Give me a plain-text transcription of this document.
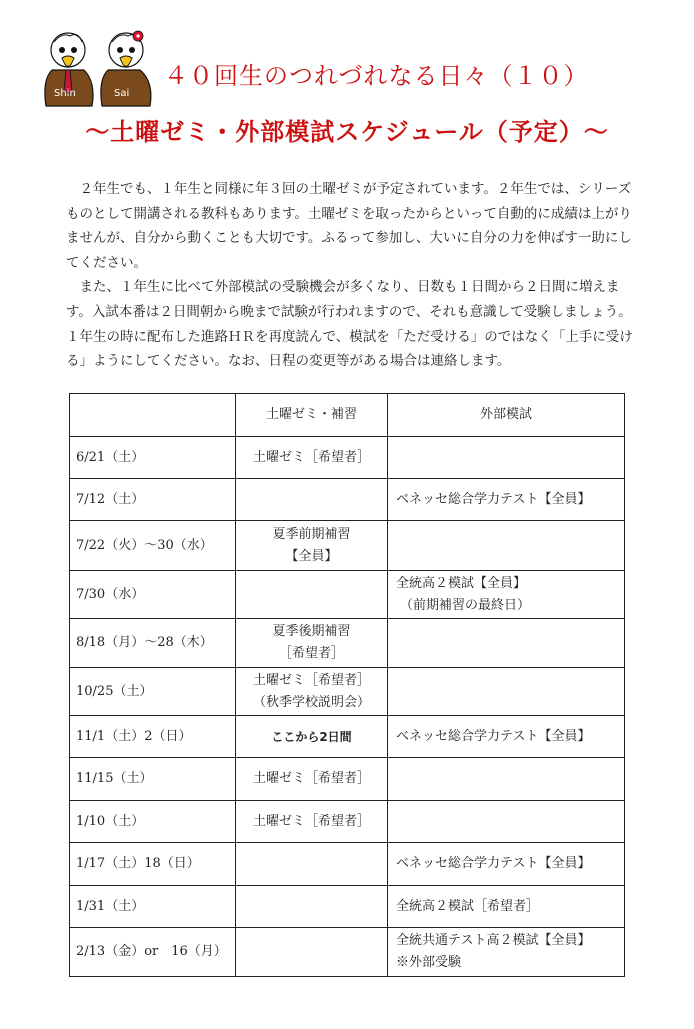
Shin	Sai
４０回生のつれづれなる日々（１０）
～土曜ゼミ・外部模試スケジュール（予定）～

２年生でも、１年生と同様に年３回の土曜ゼミが予定されています。２年生では、シリーズものとして開講される教科もあります。土曜ゼミを取ったからといって自動的に成績は上がりませんが、自分から動くことも大切です。ふるって参加し、大いに自分の力を伸ばす一助にしてください。

また、１年生に比べて外部模試の受験機会が多くなり、日数も１日間から２日間に増えます。入試本番は２日間朝から晩まで試験が行われますので、それも意識して受験しましょう。１年生の時に配布した進路ＨＲを再度読んで、模試を「ただ受ける」のではなく「上手に受ける」ようにしてください。なお、日程の変更等がある場合は連絡します。

	土曜ゼミ・補習	外部模試
6/21（土）	土曜ゼミ［希望者］	
7/12（土）		ベネッセ総合学力テスト【全員】
7/22（火）～30（水）	夏季前期補習
【全員】	

7/30（水）		全統高２模試【全員】
（前期補習の最終日）

8/18（月）～28（木）	夏季後期補習
［希望者］	

10/25（土）	土曜ゼミ［希望者］
（秋季学校説明会）	

11/1（土）2（日）	ここから2日間	ベネッセ総合学力テスト【全員】
11/15（土）	土曜ゼミ［希望者］	
1/10（土）	土曜ゼミ［希望者］	
1/17（土）18（日）		ベネッセ総合学力テスト【全員】
1/31（土）		全統高２模試［希望者］
2/13（金）or　16（月）		全統共通テスト高２模試【全員】
※外部受験
